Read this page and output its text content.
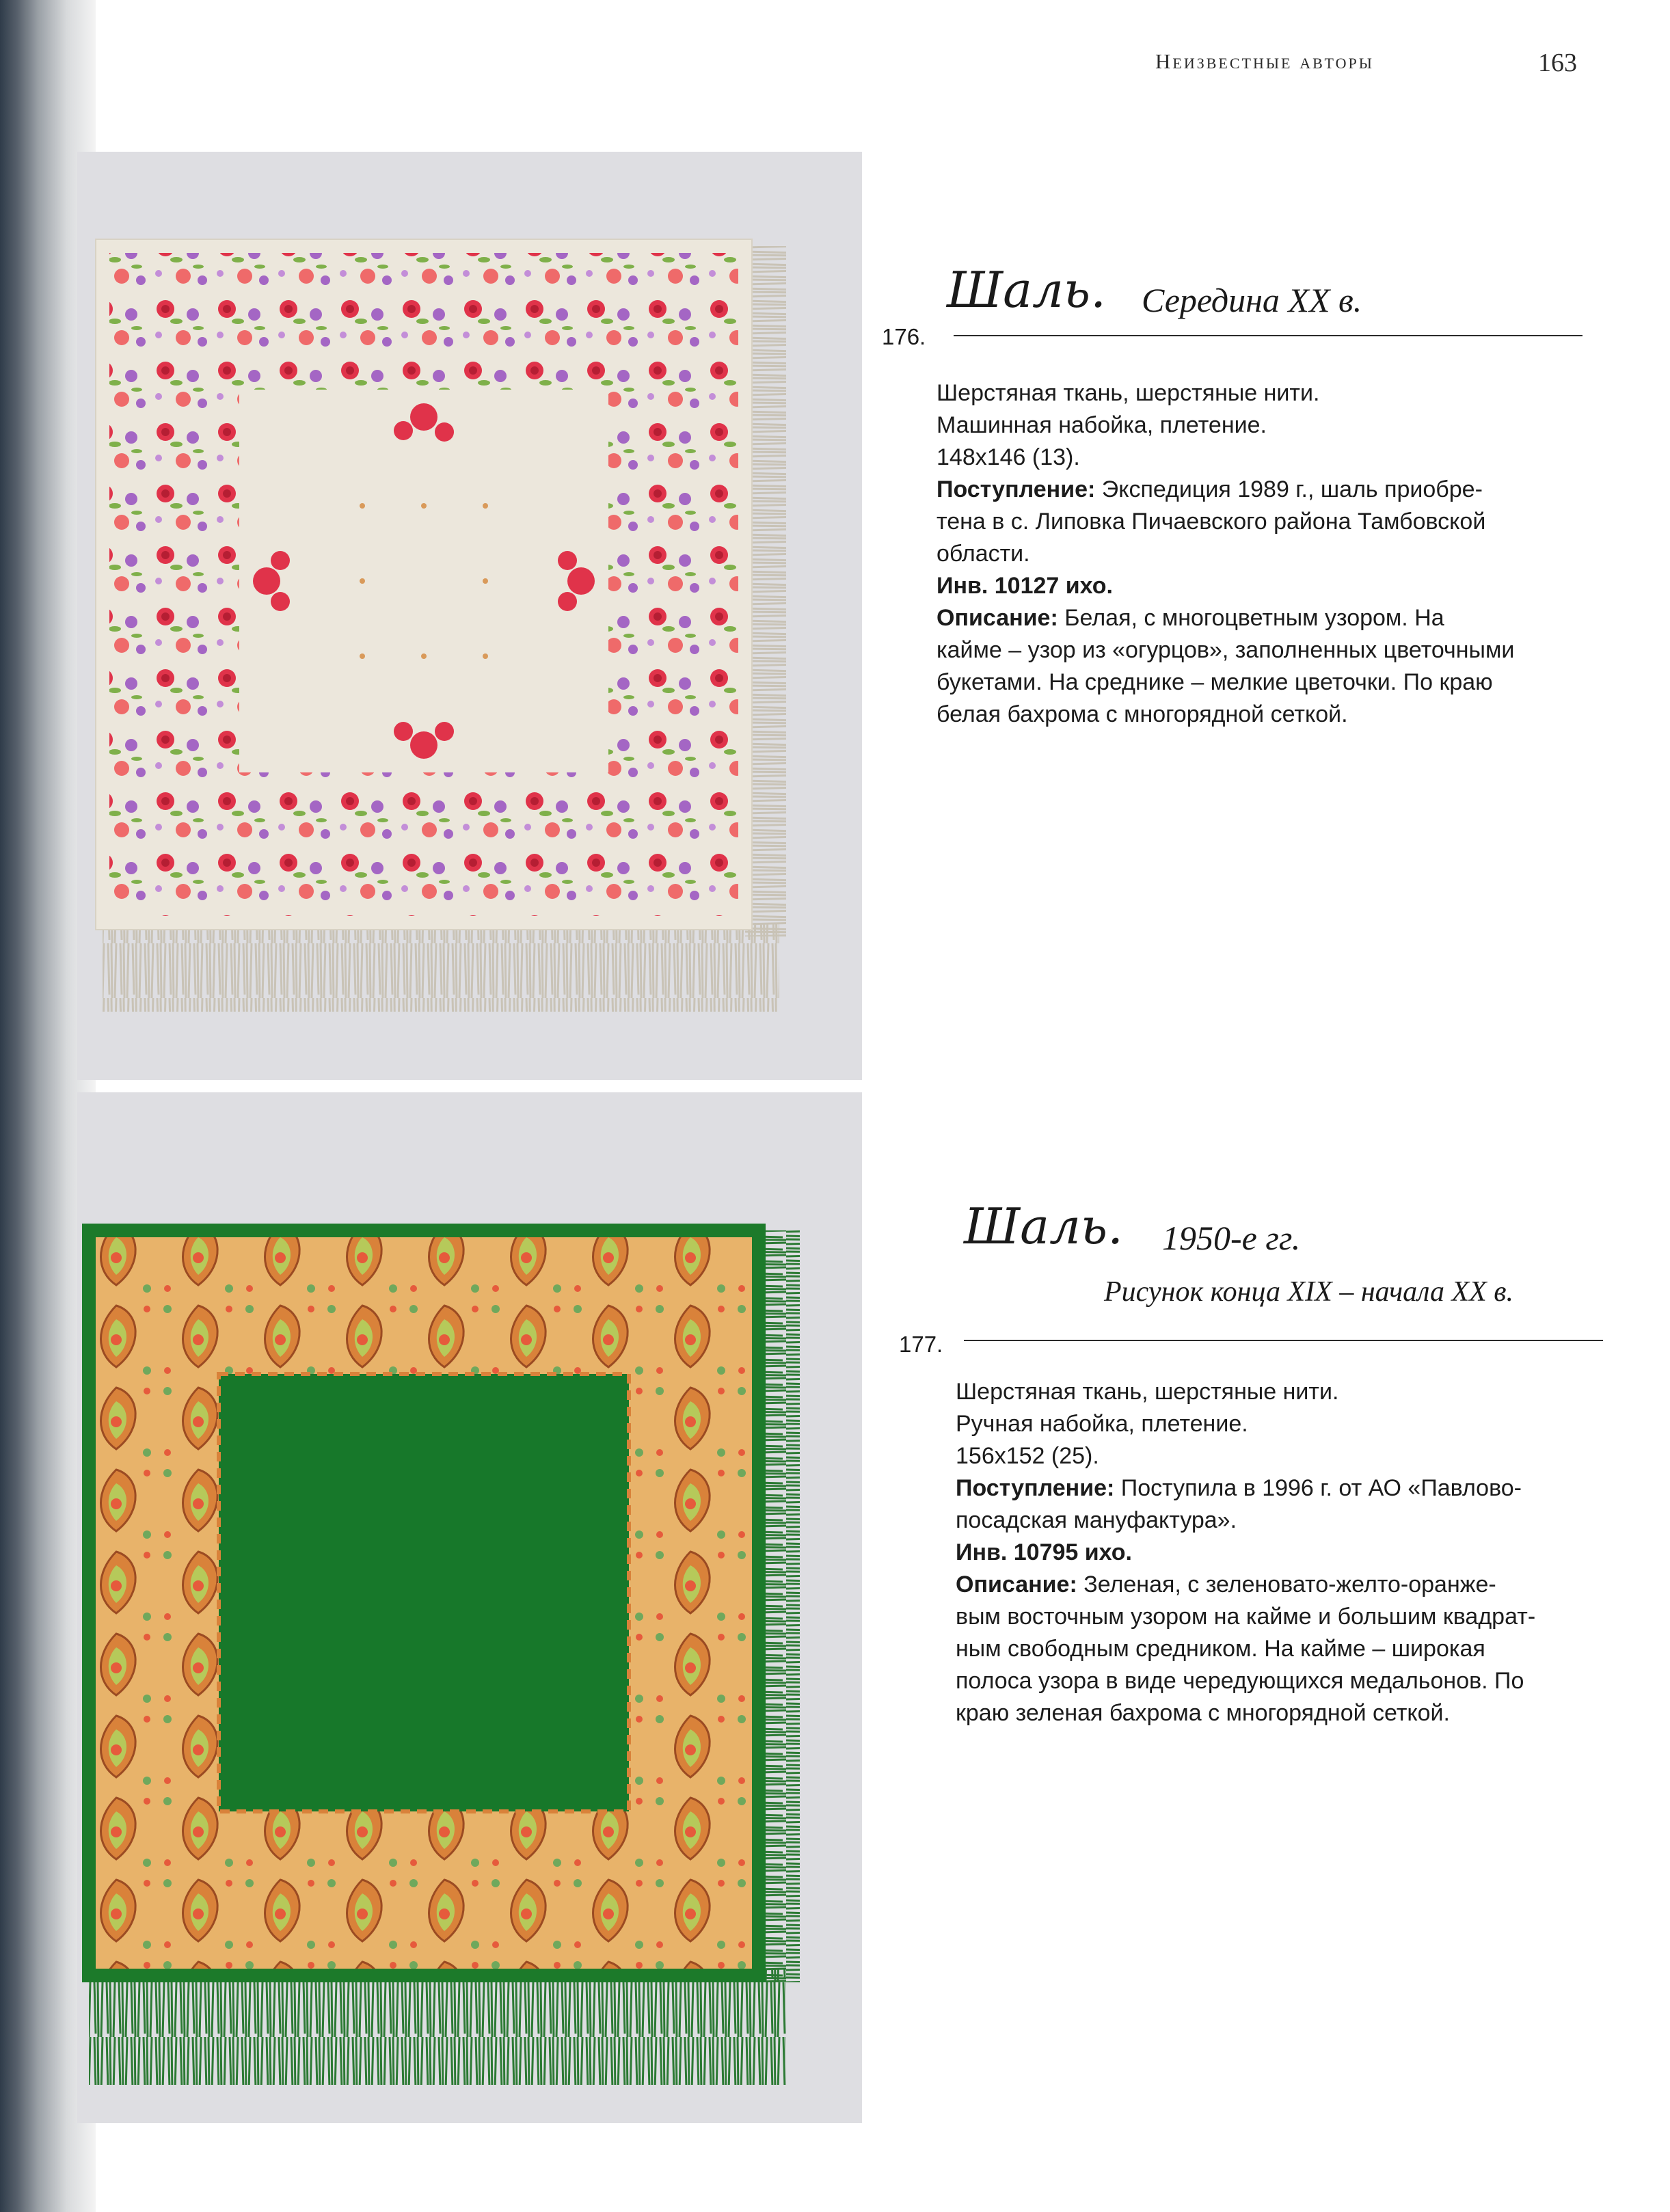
Неизвестные авторы	163
Шаль. Середина XX в.
176.

Шерстяная ткань, шерстяные нити.

Машинная набойка, плетение.

148x146 (13).

Поступление: Экспедиция 1989 г., шаль приобре-

тена в с. Липовка Пичаевского района Тамбовской

области.

Инв. 10127 ихо.

Описание: Белая, с многоцветным узором. На

кайме – узор из «огурцов», заполненных цветочными

букетами. На среднике – мелкие цветочки. По краю

белая бахрома с многорядной сеткой.

Шаль. 1950-е гг.
Рисунок конца XIX – начала XX в.
177.

Шерстяная ткань, шерстяные нити.

Ручная набойка, плетение.

156x152 (25).

Поступление: Поступила в 1996 г. от АО «Павлово-

посадская мануфактура».

Инв. 10795 ихо.

Описание: Зеленая, с зеленовато-желто-оранже-

вым восточным узором на кайме и большим квадрат-

ным свободным средником. На кайме – широкая

полоса узора в виде чередующихся медальонов. По

краю зеленая бахрома с многорядной сеткой.
